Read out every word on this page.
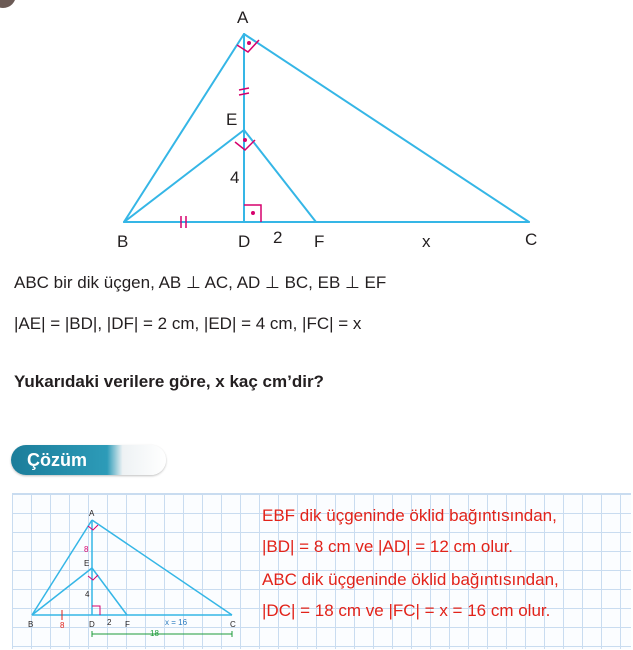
A
E
4
B	D 2 F	x	C
ABC bir dik üçgen, AB ⊥ AC, AD ⊥ BC, EB ⊥ EF
|AE| = |BD|, |DF| = 2 cm, |ED| = 4 cm, |FC| = x
Yukarıdaki verilere göre, x kaç cm’dir?
Çözüm
A
8
E
4
B	8	D 2 F	x = 16	C
18
EBF dik üçgeninde öklid bağıntısından,
|BD| = 8 cm ve |AD| = 12 cm olur.
ABC dik üçgeninde öklid bağıntısından,
|DC| = 18 cm ve |FC| = x = 16 cm olur.
